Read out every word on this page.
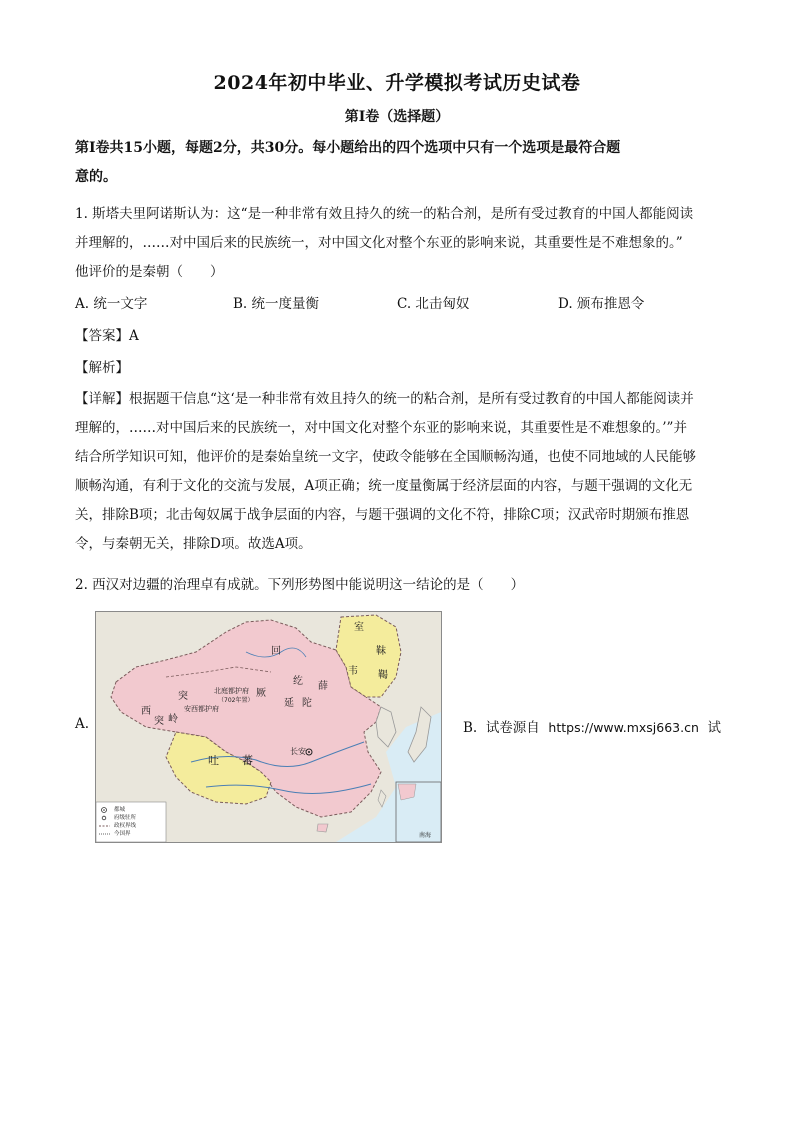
2024年初中毕业、升学模拟考试历史试卷
第Ⅰ卷（选择题）
第Ⅰ卷共15小题，每题2分，共30分。每小题给出的四个选项中只有一个选项是最符合题
意的。
1. 斯塔夫里阿诺斯认为：这“是一种非常有效且持久的统一的粘合剂，是所有受过教育的中国人都能阅读
并理解的，……对中国后来的民族统一，对中国文化对整个东亚的影响来说，其重要性是不难想象的。”
他评价的是秦朝（　　）
A. 统一文字	B. 统一度量衡	C. 北击匈奴	D. 颁布推恩令
【答案】A
【解析】
【详解】根据题干信息“这‘是一种非常有效且持久的统一的粘合剂，是所有受过教育的中国人都能阅读并
理解的，……对中国后来的民族统一，对中国文化对整个东亚的影响来说，其重要性是不难想象的。’”并
结合所学知识可知，他评价的是秦始皇统一文字，使政令能够在全国顺畅沟通，也使不同地域的人民能够
顺畅沟通，有利于文化的交流与发展，A项正确；统一度量衡属于经济层面的内容，与题干强调的文化无
关，排除B项；北击匈奴属于战争层面的内容，与题干强调的文化不符，排除C项；汉武帝时期颁布推恩
令，与秦朝无关，排除D项。故选A项。
2. 西汉对边疆的治理卓有成就。下列形势图中能说明这一结论的是（　　）
A.
室
韦
靺
鞨
回
纥
突	厥
薛
延 陀
西
突 岭
北庭都护府
（702年置）
安西都护府
吐 蕃
长安
南海
都城
府级驻所
政权界线
今国界
B. 试卷源自 https://www.mxsj663.cn 试
